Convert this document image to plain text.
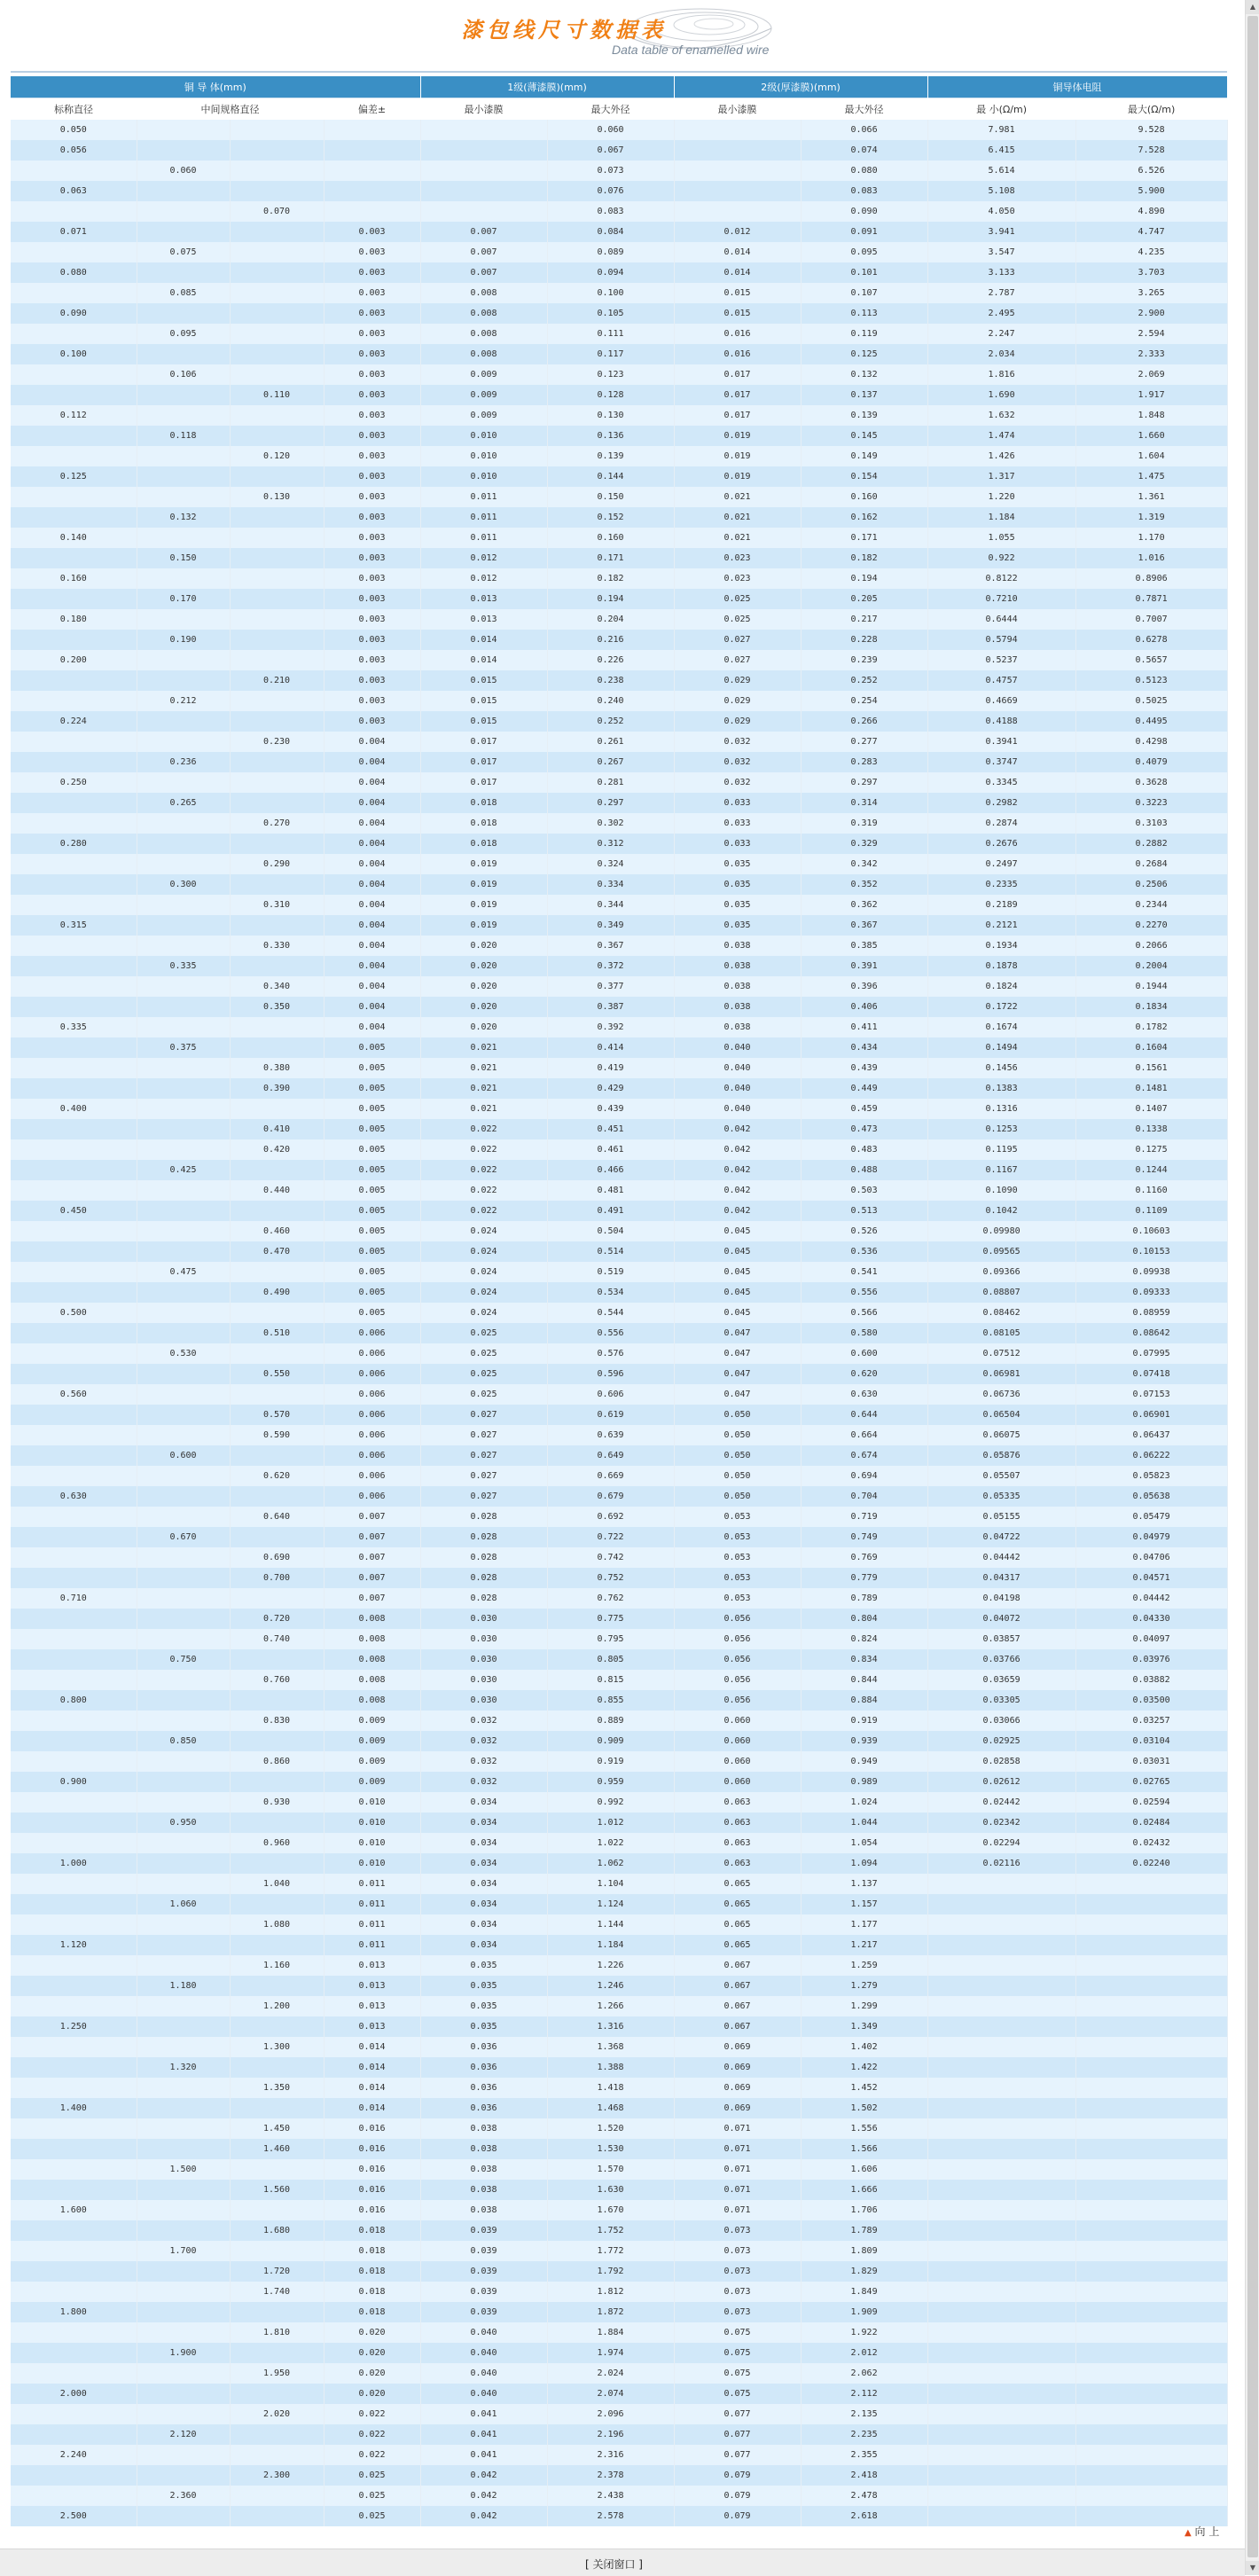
漆包线尺寸数据表
Data table of enamelled wire
铜 导 体(mm)				1级(薄漆膜)(mm)		2级(厚漆膜)(mm)		铜导体电阻	
标称直径	中间规格直径		偏差±	最小漆膜	最大外径	最小漆膜	最大外径	最 小(Ω/m)	最大(Ω/m)
0.050					0.060		0.066	7.981	9.528
0.056					0.067		0.074	6.415	7.528
	0.060				0.073		0.080	5.614	6.526
0.063					0.076		0.083	5.108	5.900
		0.070			0.083		0.090	4.050	4.890
0.071			0.003	0.007	0.084	0.012	0.091	3.941	4.747
	0.075		0.003	0.007	0.089	0.014	0.095	3.547	4.235
0.080			0.003	0.007	0.094	0.014	0.101	3.133	3.703
	0.085		0.003	0.008	0.100	0.015	0.107	2.787	3.265
0.090			0.003	0.008	0.105	0.015	0.113	2.495	2.900
	0.095		0.003	0.008	0.111	0.016	0.119	2.247	2.594
0.100			0.003	0.008	0.117	0.016	0.125	2.034	2.333
	0.106		0.003	0.009	0.123	0.017	0.132	1.816	2.069
		0.110	0.003	0.009	0.128	0.017	0.137	1.690	1.917
0.112			0.003	0.009	0.130	0.017	0.139	1.632	1.848
	0.118		0.003	0.010	0.136	0.019	0.145	1.474	1.660
		0.120	0.003	0.010	0.139	0.019	0.149	1.426	1.604
0.125			0.003	0.010	0.144	0.019	0.154	1.317	1.475
		0.130	0.003	0.011	0.150	0.021	0.160	1.220	1.361
	0.132		0.003	0.011	0.152	0.021	0.162	1.184	1.319
0.140			0.003	0.011	0.160	0.021	0.171	1.055	1.170
	0.150		0.003	0.012	0.171	0.023	0.182	0.922	1.016
0.160			0.003	0.012	0.182	0.023	0.194	0.8122	0.8906
	0.170		0.003	0.013	0.194	0.025	0.205	0.7210	0.7871
0.180			0.003	0.013	0.204	0.025	0.217	0.6444	0.7007
	0.190		0.003	0.014	0.216	0.027	0.228	0.5794	0.6278
0.200			0.003	0.014	0.226	0.027	0.239	0.5237	0.5657
		0.210	0.003	0.015	0.238	0.029	0.252	0.4757	0.5123
	0.212		0.003	0.015	0.240	0.029	0.254	0.4669	0.5025
0.224			0.003	0.015	0.252	0.029	0.266	0.4188	0.4495
		0.230	0.004	0.017	0.261	0.032	0.277	0.3941	0.4298
	0.236		0.004	0.017	0.267	0.032	0.283	0.3747	0.4079
0.250			0.004	0.017	0.281	0.032	0.297	0.3345	0.3628
	0.265		0.004	0.018	0.297	0.033	0.314	0.2982	0.3223
		0.270	0.004	0.018	0.302	0.033	0.319	0.2874	0.3103
0.280			0.004	0.018	0.312	0.033	0.329	0.2676	0.2882
		0.290	0.004	0.019	0.324	0.035	0.342	0.2497	0.2684
	0.300		0.004	0.019	0.334	0.035	0.352	0.2335	0.2506
		0.310	0.004	0.019	0.344	0.035	0.362	0.2189	0.2344
0.315			0.004	0.019	0.349	0.035	0.367	0.2121	0.2270
		0.330	0.004	0.020	0.367	0.038	0.385	0.1934	0.2066
	0.335		0.004	0.020	0.372	0.038	0.391	0.1878	0.2004
		0.340	0.004	0.020	0.377	0.038	0.396	0.1824	0.1944
		0.350	0.004	0.020	0.387	0.038	0.406	0.1722	0.1834
0.335			0.004	0.020	0.392	0.038	0.411	0.1674	0.1782
	0.375		0.005	0.021	0.414	0.040	0.434	0.1494	0.1604
		0.380	0.005	0.021	0.419	0.040	0.439	0.1456	0.1561
		0.390	0.005	0.021	0.429	0.040	0.449	0.1383	0.1481
0.400			0.005	0.021	0.439	0.040	0.459	0.1316	0.1407
		0.410	0.005	0.022	0.451	0.042	0.473	0.1253	0.1338
		0.420	0.005	0.022	0.461	0.042	0.483	0.1195	0.1275
	0.425		0.005	0.022	0.466	0.042	0.488	0.1167	0.1244
		0.440	0.005	0.022	0.481	0.042	0.503	0.1090	0.1160
0.450			0.005	0.022	0.491	0.042	0.513	0.1042	0.1109
		0.460	0.005	0.024	0.504	0.045	0.526	0.09980	0.10603
		0.470	0.005	0.024	0.514	0.045	0.536	0.09565	0.10153
	0.475		0.005	0.024	0.519	0.045	0.541	0.09366	0.09938
		0.490	0.005	0.024	0.534	0.045	0.556	0.08807	0.09333
0.500			0.005	0.024	0.544	0.045	0.566	0.08462	0.08959
		0.510	0.006	0.025	0.556	0.047	0.580	0.08105	0.08642
	0.530		0.006	0.025	0.576	0.047	0.600	0.07512	0.07995
		0.550	0.006	0.025	0.596	0.047	0.620	0.06981	0.07418
0.560			0.006	0.025	0.606	0.047	0.630	0.06736	0.07153
		0.570	0.006	0.027	0.619	0.050	0.644	0.06504	0.06901
		0.590	0.006	0.027	0.639	0.050	0.664	0.06075	0.06437
	0.600		0.006	0.027	0.649	0.050	0.674	0.05876	0.06222
		0.620	0.006	0.027	0.669	0.050	0.694	0.05507	0.05823
0.630			0.006	0.027	0.679	0.050	0.704	0.05335	0.05638
		0.640	0.007	0.028	0.692	0.053	0.719	0.05155	0.05479
	0.670		0.007	0.028	0.722	0.053	0.749	0.04722	0.04979
		0.690	0.007	0.028	0.742	0.053	0.769	0.04442	0.04706
		0.700	0.007	0.028	0.752	0.053	0.779	0.04317	0.04571
0.710			0.007	0.028	0.762	0.053	0.789	0.04198	0.04442
		0.720	0.008	0.030	0.775	0.056	0.804	0.04072	0.04330
		0.740	0.008	0.030	0.795	0.056	0.824	0.03857	0.04097
	0.750		0.008	0.030	0.805	0.056	0.834	0.03766	0.03976
		0.760	0.008	0.030	0.815	0.056	0.844	0.03659	0.03882
0.800			0.008	0.030	0.855	0.056	0.884	0.03305	0.03500
		0.830	0.009	0.032	0.889	0.060	0.919	0.03066	0.03257
	0.850		0.009	0.032	0.909	0.060	0.939	0.02925	0.03104
		0.860	0.009	0.032	0.919	0.060	0.949	0.02858	0.03031
0.900			0.009	0.032	0.959	0.060	0.989	0.02612	0.02765
		0.930	0.010	0.034	0.992	0.063	1.024	0.02442	0.02594
	0.950		0.010	0.034	1.012	0.063	1.044	0.02342	0.02484
		0.960	0.010	0.034	1.022	0.063	1.054	0.02294	0.02432
1.000			0.010	0.034	1.062	0.063	1.094	0.02116	0.02240
		1.040	0.011	0.034	1.104	0.065	1.137		
	1.060		0.011	0.034	1.124	0.065	1.157		
		1.080	0.011	0.034	1.144	0.065	1.177		
1.120			0.011	0.034	1.184	0.065	1.217		
		1.160	0.013	0.035	1.226	0.067	1.259		
	1.180		0.013	0.035	1.246	0.067	1.279		
		1.200	0.013	0.035	1.266	0.067	1.299		
1.250			0.013	0.035	1.316	0.067	1.349		
		1.300	0.014	0.036	1.368	0.069	1.402		
	1.320		0.014	0.036	1.388	0.069	1.422		
		1.350	0.014	0.036	1.418	0.069	1.452		
1.400			0.014	0.036	1.468	0.069	1.502		
		1.450	0.016	0.038	1.520	0.071	1.556		
		1.460	0.016	0.038	1.530	0.071	1.566		
	1.500		0.016	0.038	1.570	0.071	1.606		
		1.560	0.016	0.038	1.630	0.071	1.666		
1.600			0.016	0.038	1.670	0.071	1.706		
		1.680	0.018	0.039	1.752	0.073	1.789		
	1.700		0.018	0.039	1.772	0.073	1.809		
		1.720	0.018	0.039	1.792	0.073	1.829		
		1.740	0.018	0.039	1.812	0.073	1.849		
1.800			0.018	0.039	1.872	0.073	1.909		
		1.810	0.020	0.040	1.884	0.075	1.922		
	1.900		0.020	0.040	1.974	0.075	2.012		
		1.950	0.020	0.040	2.024	0.075	2.062		
2.000			0.020	0.040	2.074	0.075	2.112		
		2.020	0.022	0.041	2.096	0.077	2.135		
	2.120		0.022	0.041	2.196	0.077	2.235		
2.240			0.022	0.041	2.316	0.077	2.355		
		2.300	0.025	0.042	2.378	0.079	2.418		
	2.360		0.025	0.042	2.438	0.079	2.478		
2.500			0.025	0.042	2.578	0.079	2.618		
▲ 向 上
[ 关闭窗口 ]
▲
▼
